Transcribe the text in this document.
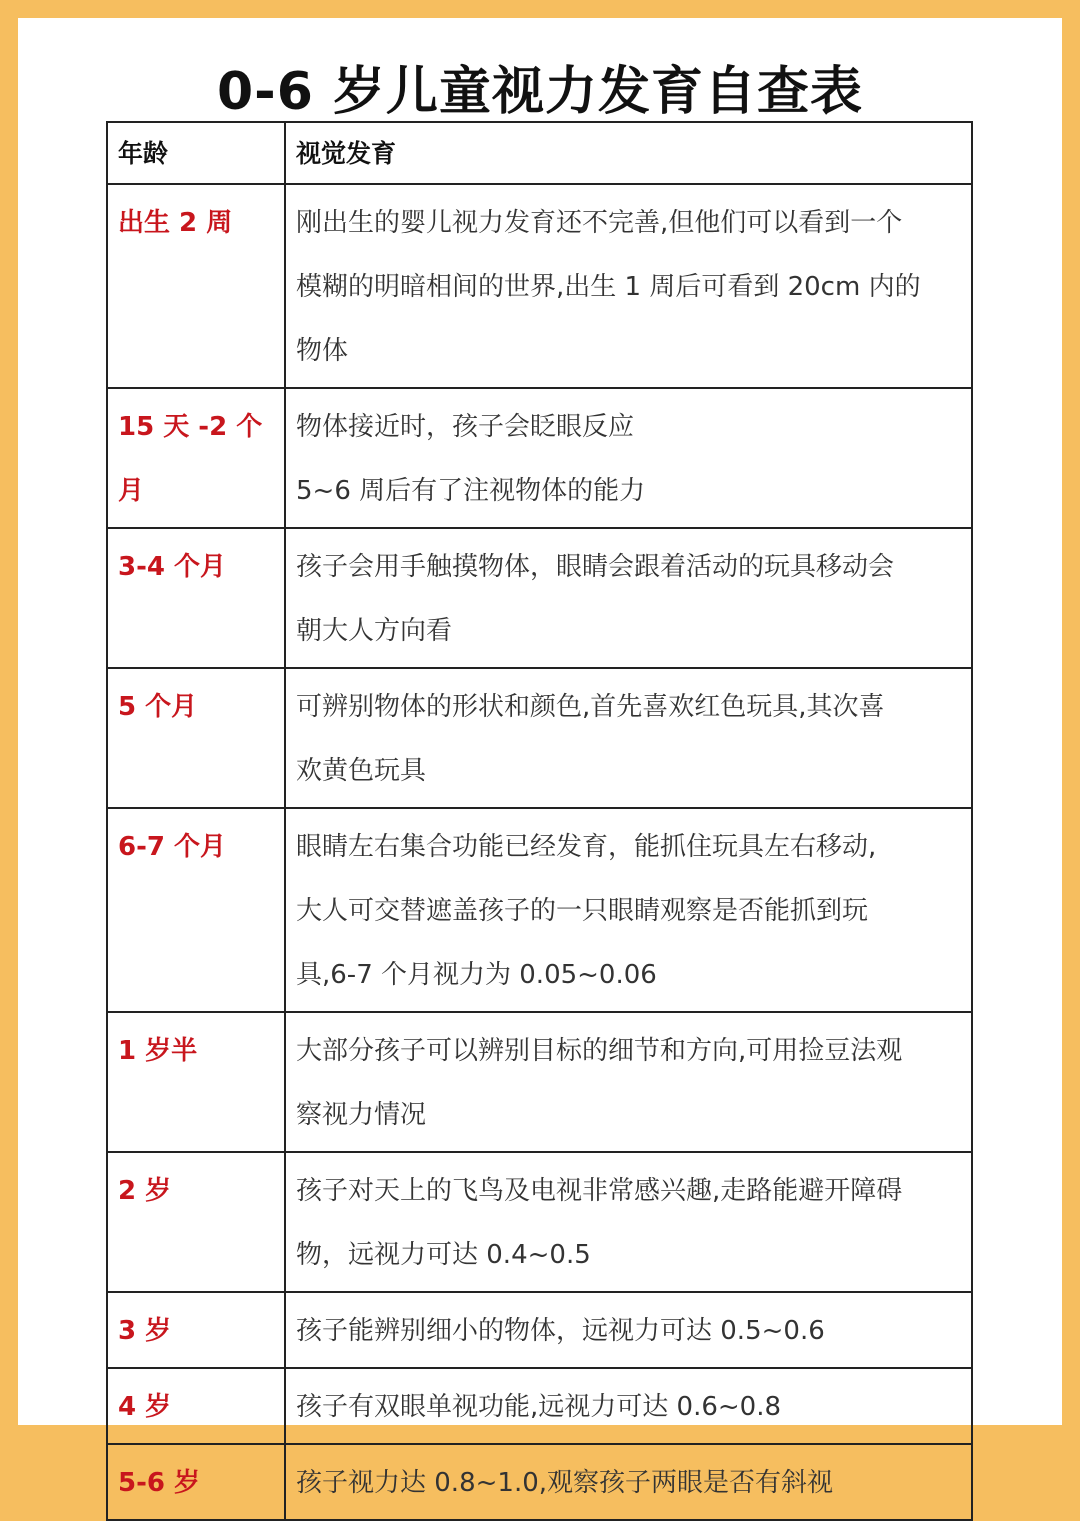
0-6 岁儿童视力发育自查表
年龄	视觉发育

出生 2 周	刚出生的婴儿视力发育还不完善,但他们可以看到一个
模糊的明暗相间的世界,出生 1 周后可看到 20cm 内的
物体

15 天 -2 个
月	物体接近时，孩子会眨眼反应
5~6 周后有了注视物体的能力

3-4 个月	孩子会用手触摸物体，眼睛会跟着活动的玩具移动会
朝大人方向看

5 个月	可辨别物体的形状和颜色,首先喜欢红色玩具,其次喜
欢黄色玩具

6-7 个月	眼睛左右集合功能已经发育，能抓住玩具左右移动,
大人可交替遮盖孩子的一只眼睛观察是否能抓到玩
具,6-7 个月视力为 0.05~0.06

1 岁半	大部分孩子可以辨别目标的细节和方向,可用捡豆法观
察视力情况

2 岁	孩子对天上的飞鸟及电视非常感兴趣,走路能避开障碍
物，远视力可达 0.4~0.5

3 岁	孩子能辨别细小的物体，远视力可达 0.5~0.6

4 岁	孩子有双眼单视功能,远视力可达 0.6~0.8

5-6 岁	孩子视力达 0.8~1.0,观察孩子两眼是否有斜视
